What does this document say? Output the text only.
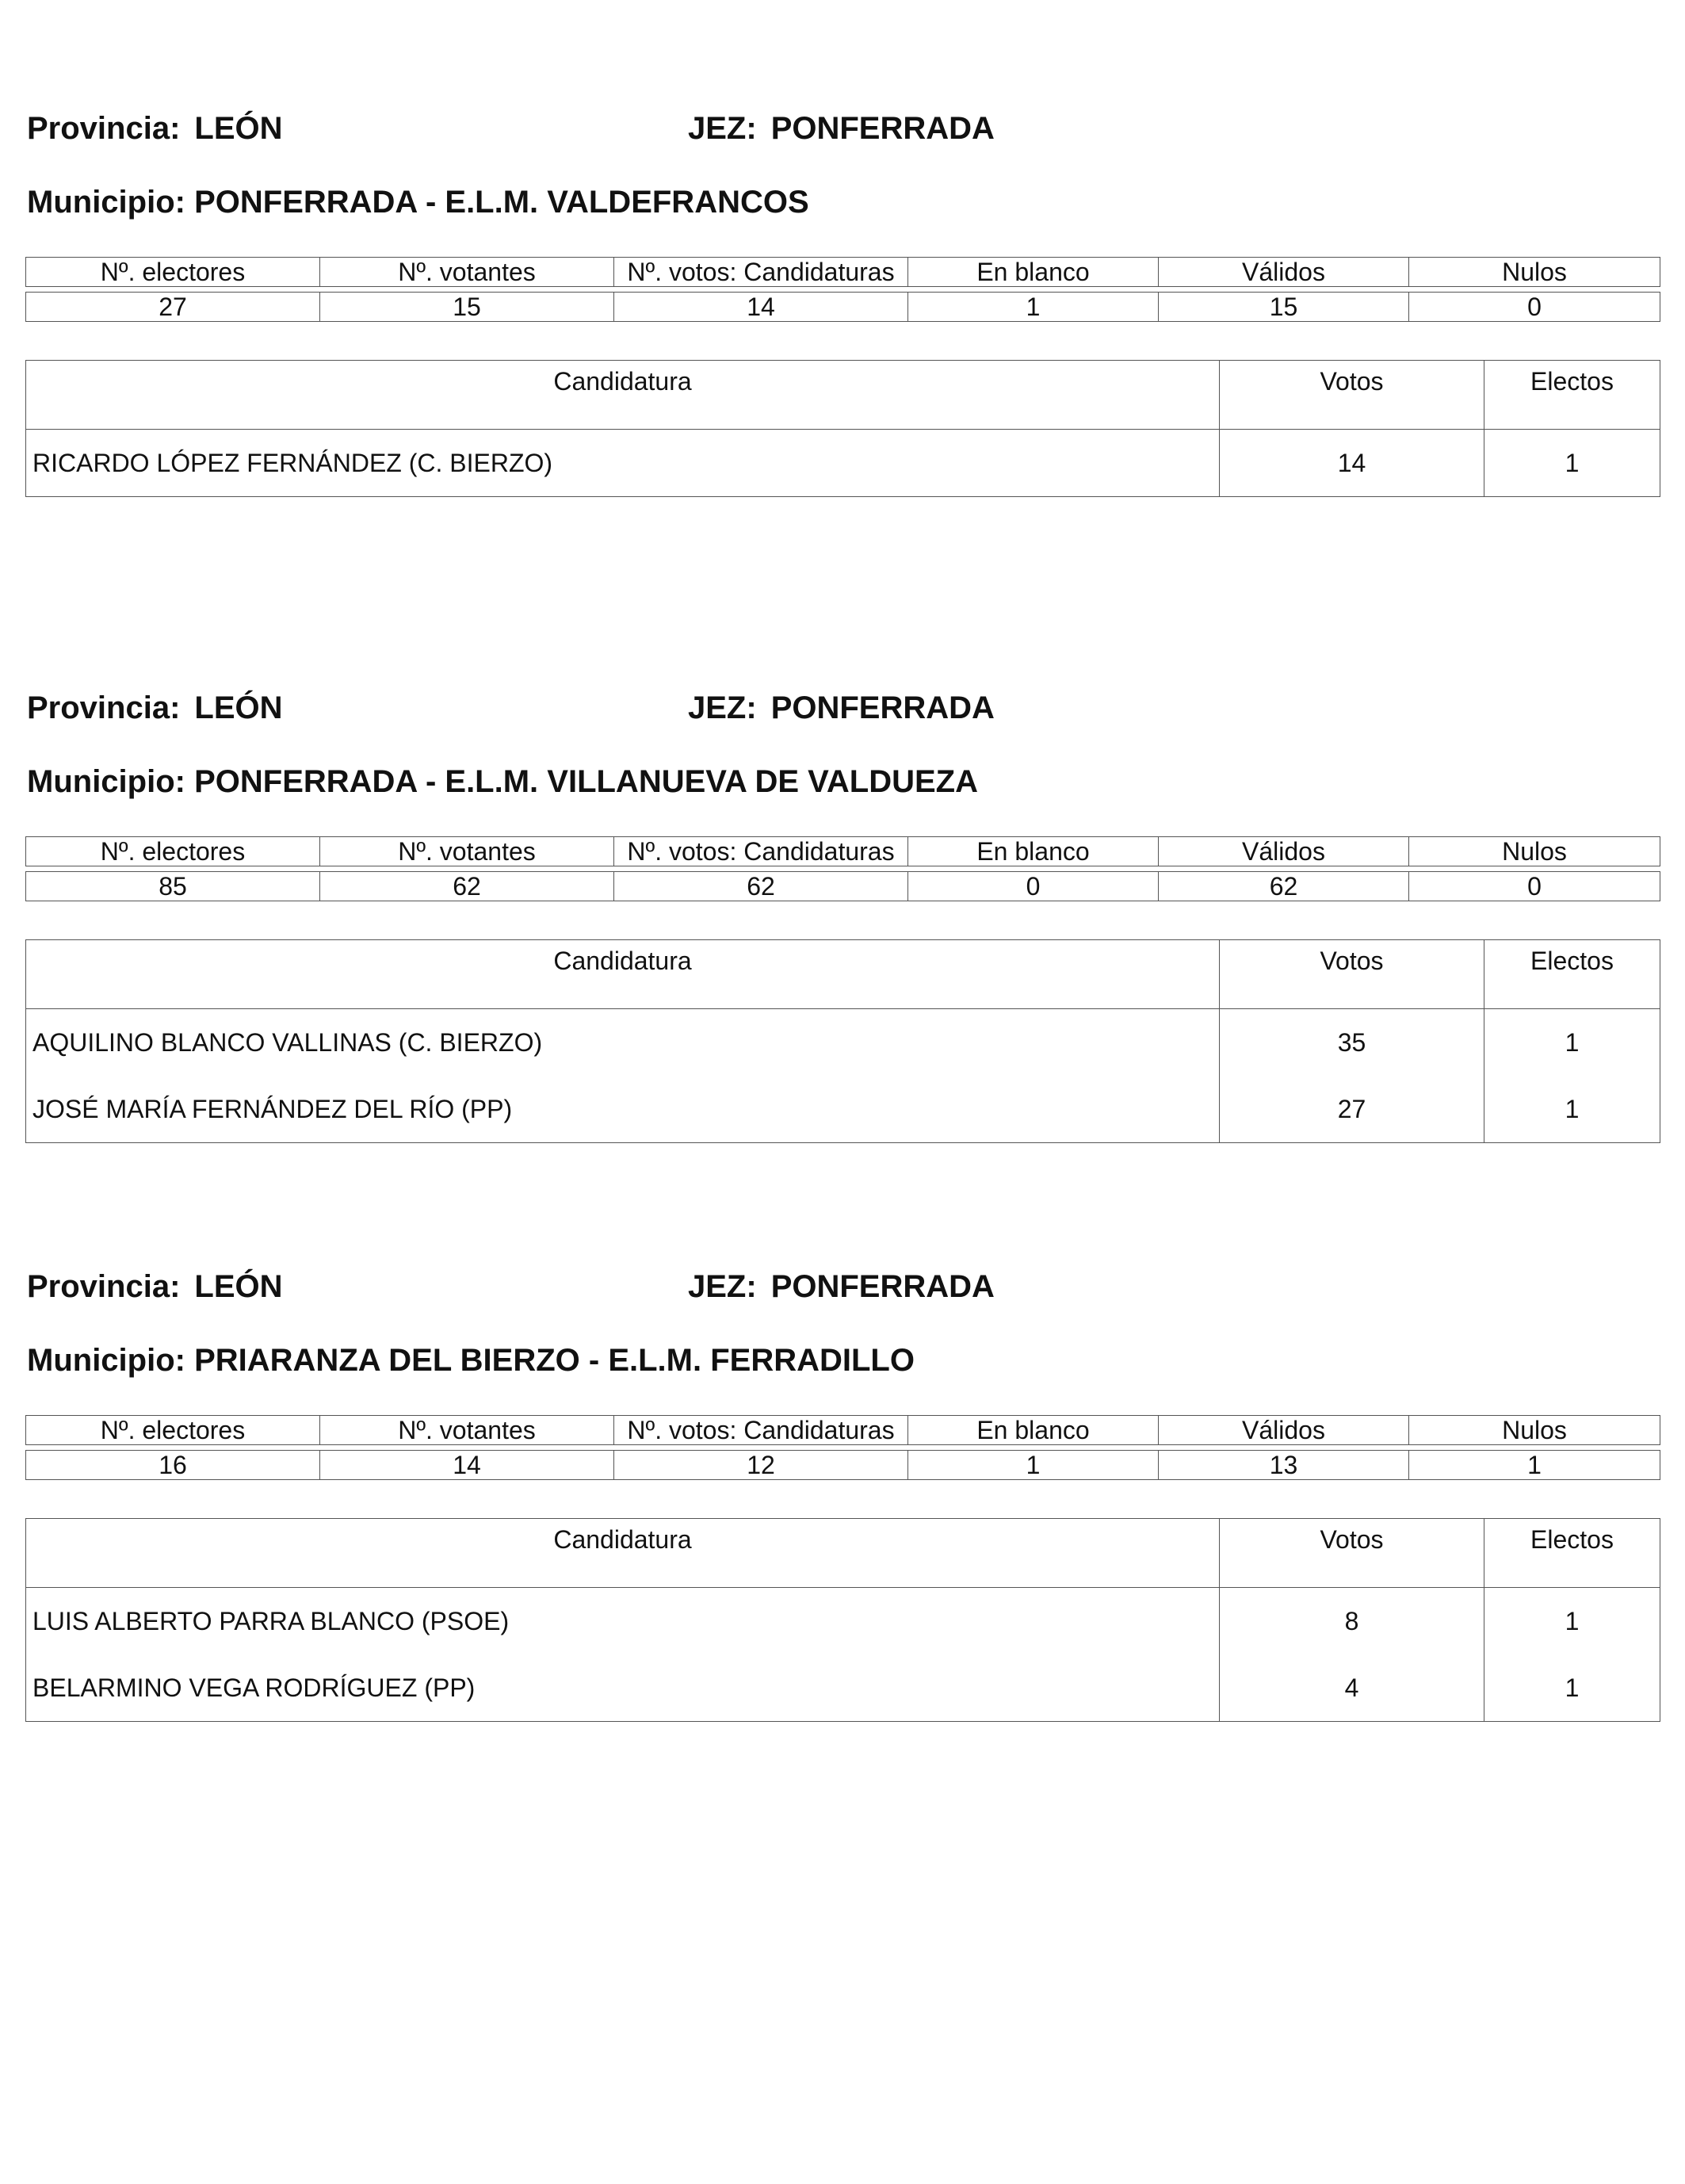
Provincia: LEÓN	JEZ: PONFERRADA
Municipio: PONFERRADA - E.L.M. VALDEFRANCOS
Nº. electores	Nº. votantes	Nº. votos: Candidaturas	En blanco	Válidos	Nulos

27	15	14	1	15	0
Candidatura	Votos	Electos
RICARDO LÓPEZ FERNÁNDEZ (C. BIERZO)	14	1
Provincia: LEÓN	JEZ: PONFERRADA
Municipio: PONFERRADA - E.L.M. VILLANUEVA DE VALDUEZA
Nº. electores	Nº. votantes	Nº. votos: Candidaturas	En blanco	Válidos	Nulos

85	62	62	0	62	0
Candidatura	Votos	Electos
AQUILINO BLANCO VALLINAS (C. BIERZO)	35	1
JOSÉ MARÍA FERNÁNDEZ DEL RÍO (PP)	27	1
Provincia: LEÓN	JEZ: PONFERRADA
Municipio: PRIARANZA DEL BIERZO - E.L.M. FERRADILLO
Nº. electores	Nº. votantes	Nº. votos: Candidaturas	En blanco	Válidos	Nulos

16	14	12	1	13	1
Candidatura	Votos	Electos
LUIS ALBERTO PARRA BLANCO (PSOE)	8	1
BELARMINO VEGA RODRÍGUEZ (PP)	4	1
